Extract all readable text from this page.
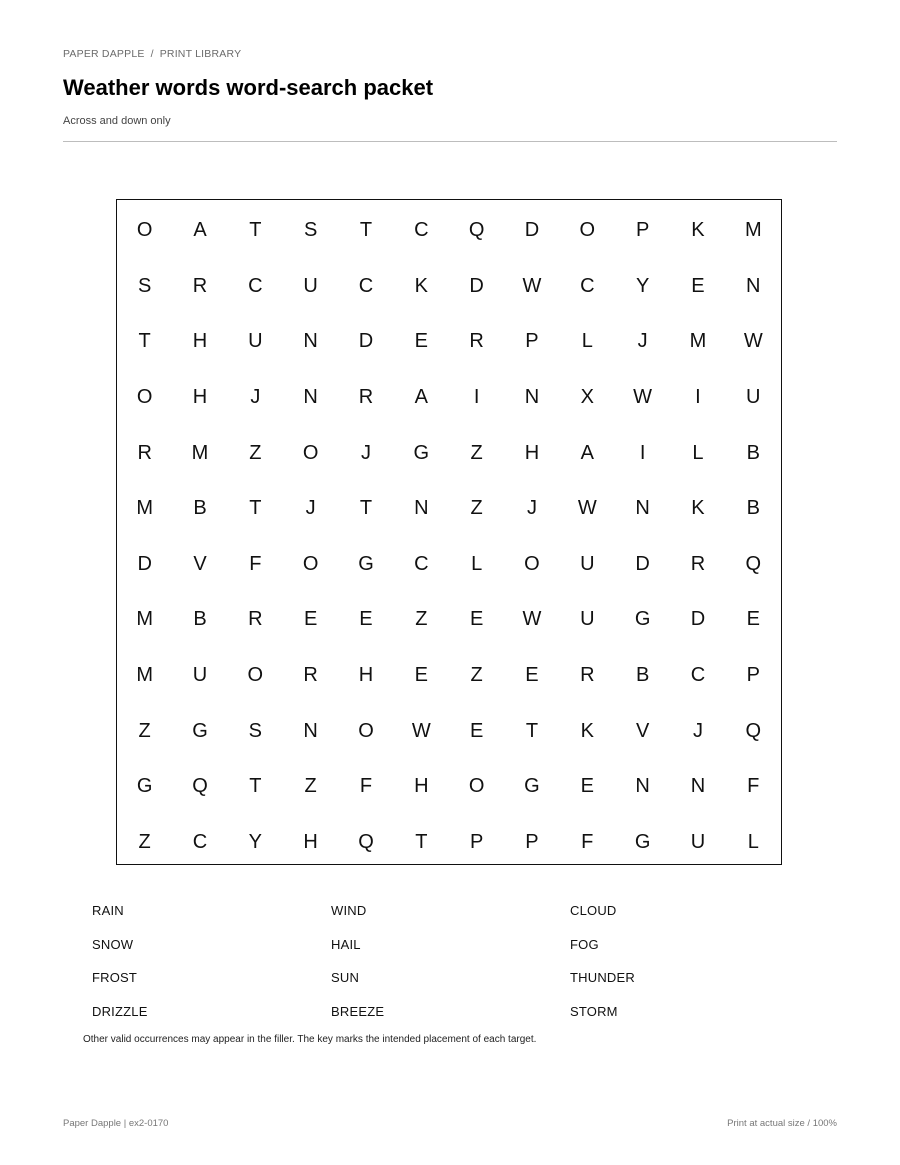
PAPER DAPPLE / PRINT LIBRARY
Weather words word-search packet
Across and down only
O	A	T	S	T	C	Q	D	O	P	K	M
S	R	C	U	C	K	D	W	C	Y	E	N
T	H	U	N	D	E	R	P	L	J	M	W
O	H	J	N	R	A	I	N	X	W	I	U
R	M	Z	O	J	G	Z	H	A	I	L	B
M	B	T	J	T	N	Z	J	W	N	K	B
D	V	F	O	G	C	L	O	U	D	R	Q
M	B	R	E	E	Z	E	W	U	G	D	E
M	U	O	R	H	E	Z	E	R	B	C	P
Z	G	S	N	O	W	E	T	K	V	J	Q
G	Q	T	Z	F	H	O	G	E	N	N	F
Z	C	Y	H	Q	T	P	P	F	G	U	L
RAIN	WIND	CLOUD
SNOW	HAIL	FOG
FROST	SUN	THUNDER
DRIZZLE	BREEZE	STORM
Other valid occurrences may appear in the filler. The key marks the intended placement of each target.
Paper Dapple | ex2-0170	Print at actual size / 100%
